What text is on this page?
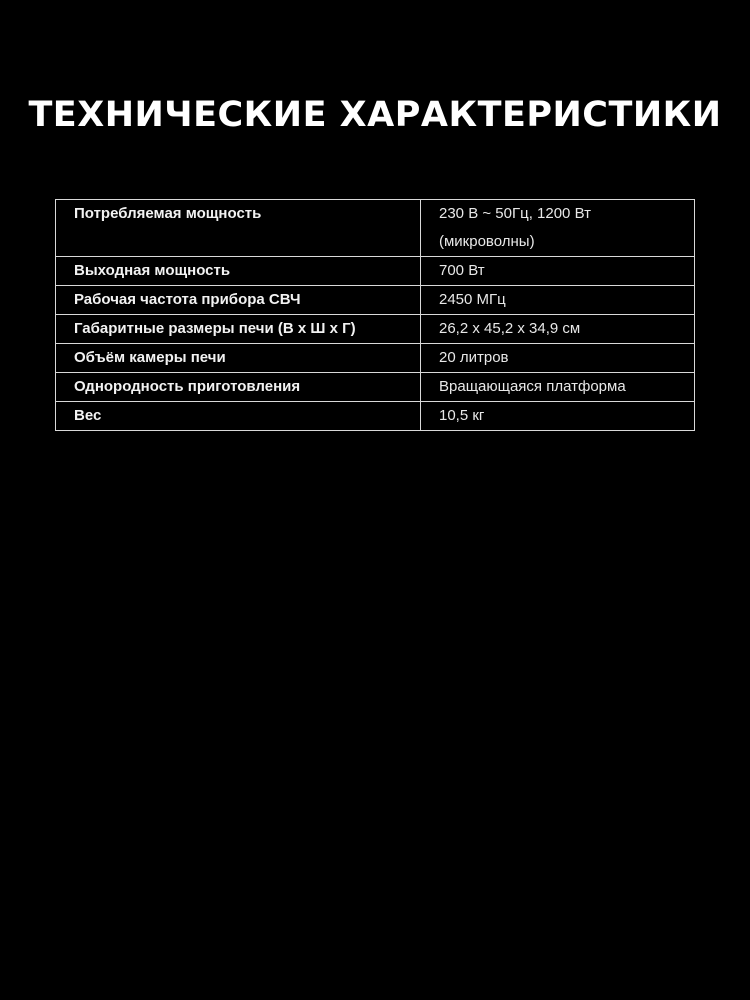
ТЕХНИЧЕСКИЕ ХАРАКТЕРИСТИКИ
Потребляемая мощность	230 В ~ 50Гц, 1200 Вт (микроволны)
Выходная мощность	700 Вт
Рабочая частота прибора СВЧ	2450 МГц
Габаритные размеры печи (В х Ш х Г)	26,2 х 45,2 х 34,9 см
Объём камеры печи	20 литров
Однородность приготовления	Вращающаяся платформа
Вес	10,5 кг
